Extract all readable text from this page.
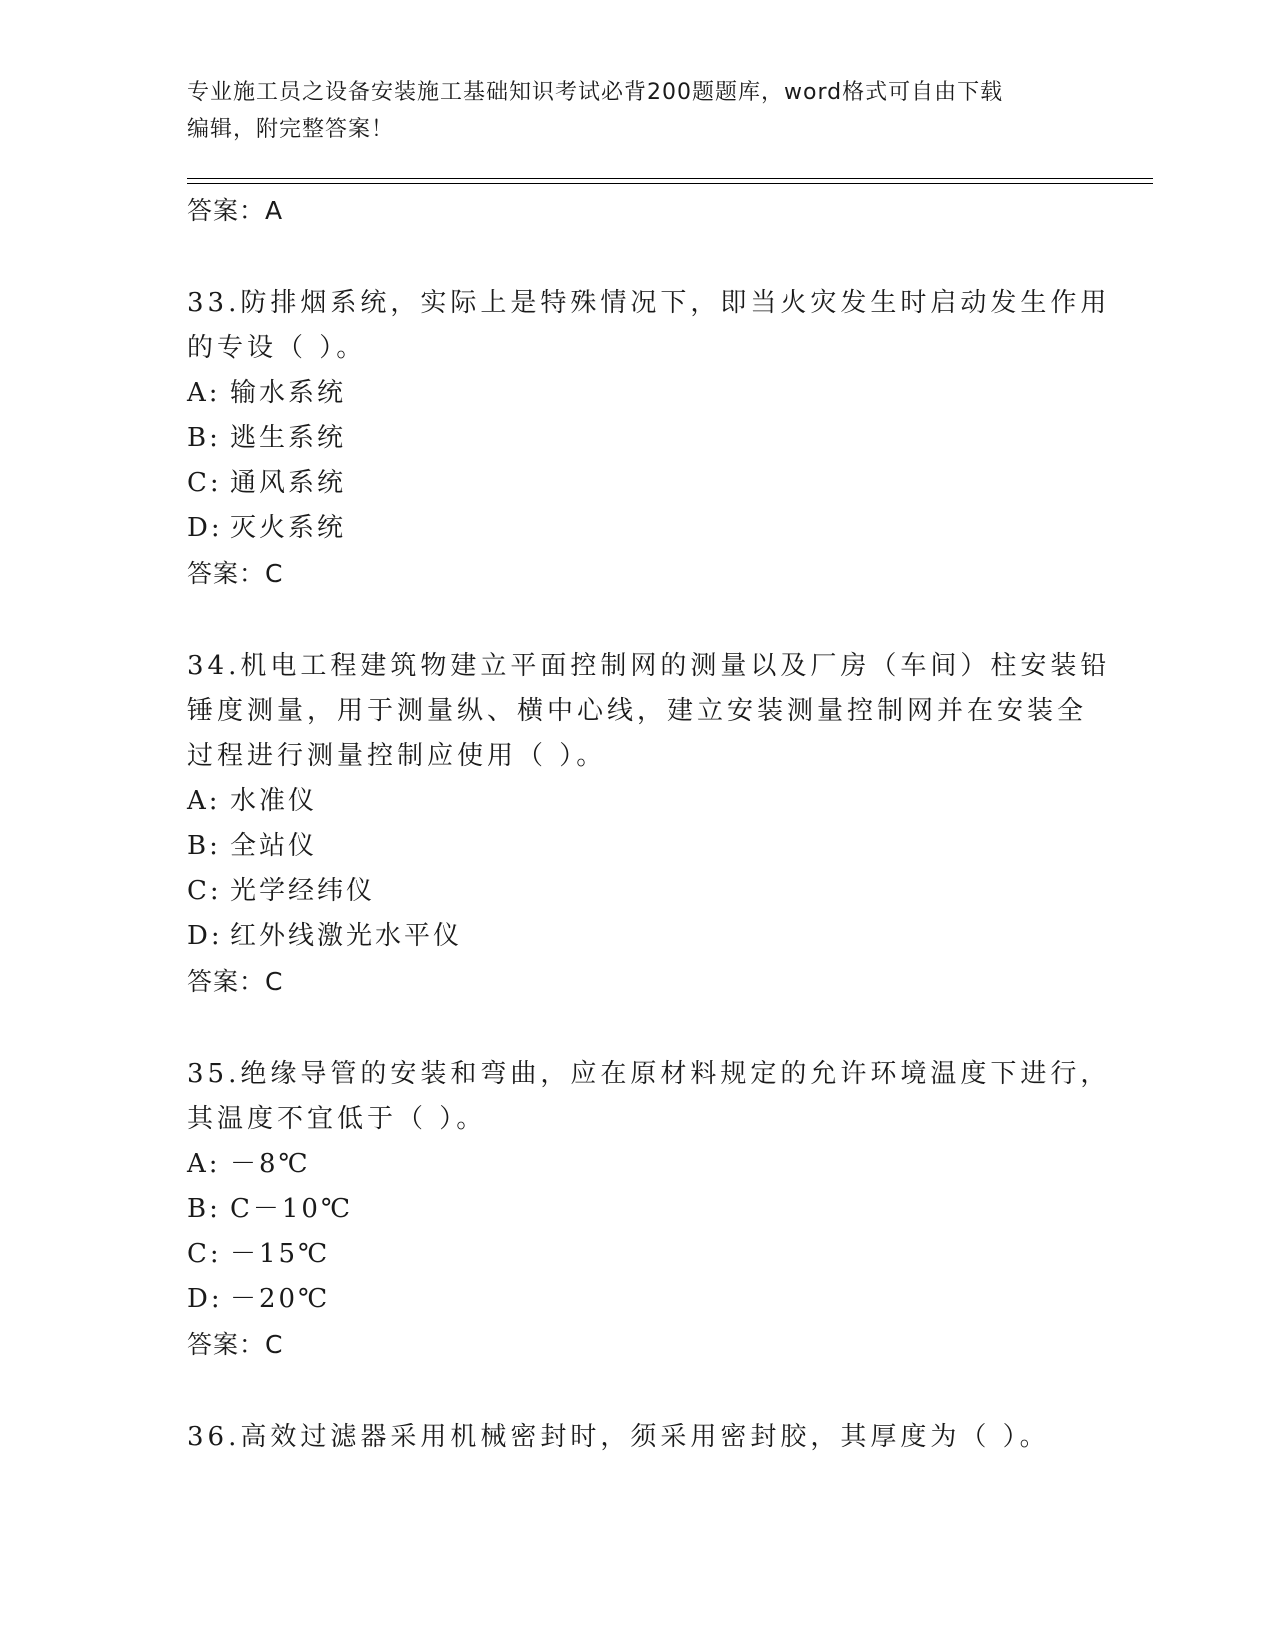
专业施工员之设备安装施工基础知识考试必背200题题库，word格式可自由下载
编辑，附完整答案！
答案：A
33.防排烟系统，实际上是特殊情况下，即当火灾发生时启动发生作用
的专设（ ）。
A: 输水系统
B: 逃生系统
C: 通风系统
D: 灭火系统
答案：C
34.机电工程建筑物建立平面控制网的测量以及厂房（车间）柱安装铅
锤度测量，用于测量纵、横中心线，建立安装测量控制网并在安装全
过程进行测量控制应使用（ ）。
A: 水准仪
B: 全站仪
C: 光学经纬仪
D: 红外线激光水平仪
答案：C
35.绝缘导管的安装和弯曲，应在原材料规定的允许环境温度下进行，
其温度不宜低于（ ）。
A: －8℃
B: C－10℃
C: －15℃
D: －20℃
答案：C
36.高效过滤器采用机械密封时，须采用密封胶，其厚度为（ ）。
